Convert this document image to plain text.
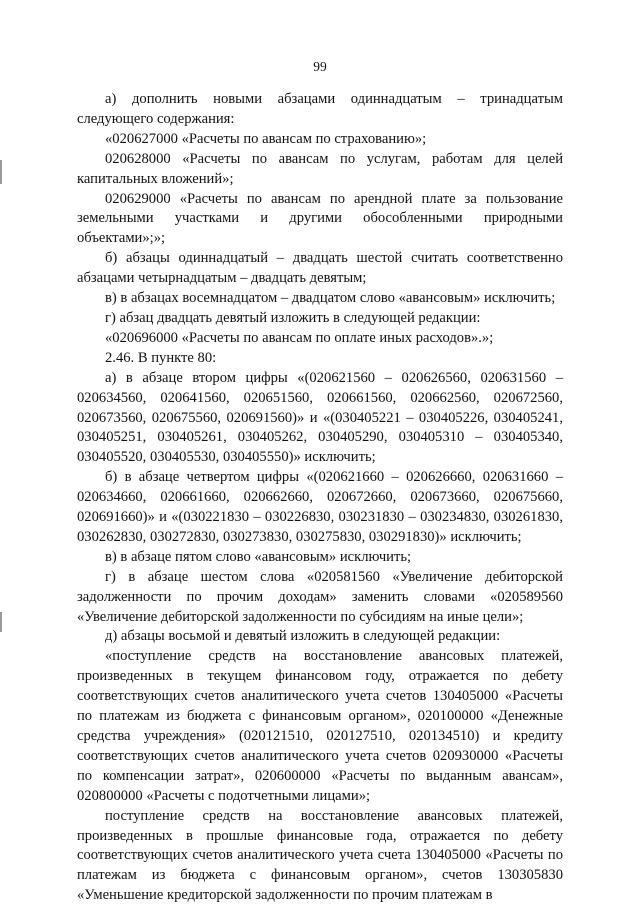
99

а) дополнить новыми абзацами одиннадцатым – тринадцатым следующего содержания:

«020627000 «Расчеты по авансам по страхованию»;

020628000 «Расчеты по авансам по услугам, работам для целей капитальных вложений»;

020629000 «Расчеты по авансам по арендной плате за пользование земельными участками и другими обособленными природными объектами»;»;

б) абзацы одиннадцатый – двадцать шестой считать соответственно абзацами четырнадцатым – двадцать девятым;

в) в абзацах восемнадцатом – двадцатом слово «авансовым» исключить;

г) абзац двадцать девятый изложить в следующей редакции:

«020696000 «Расчеты по авансам по оплате иных расходов».»;

2.46. В пункте 80:

а) в абзаце втором цифры «(020621560 – 020626560, 020631560 – 020634560, 020641560, 020651560, 020661560, 020662560, 020672560, 020673560, 020675560, 020691560)» и «(030405221 – 030405226, 030405241, 030405251, 030405261, 030405262, 030405290, 030405310 – 030405340, 030405520, 030405530, 030405550)» исключить;

б) в абзаце четвертом цифры «(020621660 – 020626660, 020631660 – 020634660, 020661660, 020662660, 020672660, 020673660, 020675660, 020691660)» и «(030221830 – 030226830, 030231830 – 030234830, 030261830, 030262830, 030272830, 030273830, 030275830, 030291830)» исключить;

в) в абзаце пятом слово «авансовым» исключить;

г) в абзаце шестом слова «020581560 «Увеличение дебиторской задолженности по прочим доходам» заменить словами «020589560 «Увеличение дебиторской задолженности по субсидиям на иные цели»;

д) абзацы восьмой и девятый изложить в следующей редакции:

«поступление средств на восстановление авансовых платежей, произведенных в текущем финансовом году, отражается по дебету соответствующих счетов аналитического учета счетов 130405000 «Расчеты по платежам из бюджета с финансовым органом», 020100000 «Денежные средства учреждения» (020121510, 020127510, 020134510) и кредиту соответствующих счетов аналитического учета счетов 020930000 «Расчеты по компенсации затрат», 020600000 «Расчеты по выданным авансам», 020800000 «Расчеты с подотчетными лицами»;

поступление средств на восстановление авансовых платежей, произведенных в прошлые финансовые года, отражается по дебету соответствующих счетов аналитического учета счета 130405000 «Расчеты по платежам из бюджета с финансовым органом», счетов 130305830 «Уменьшение кредиторской задолженности по прочим платежам в
